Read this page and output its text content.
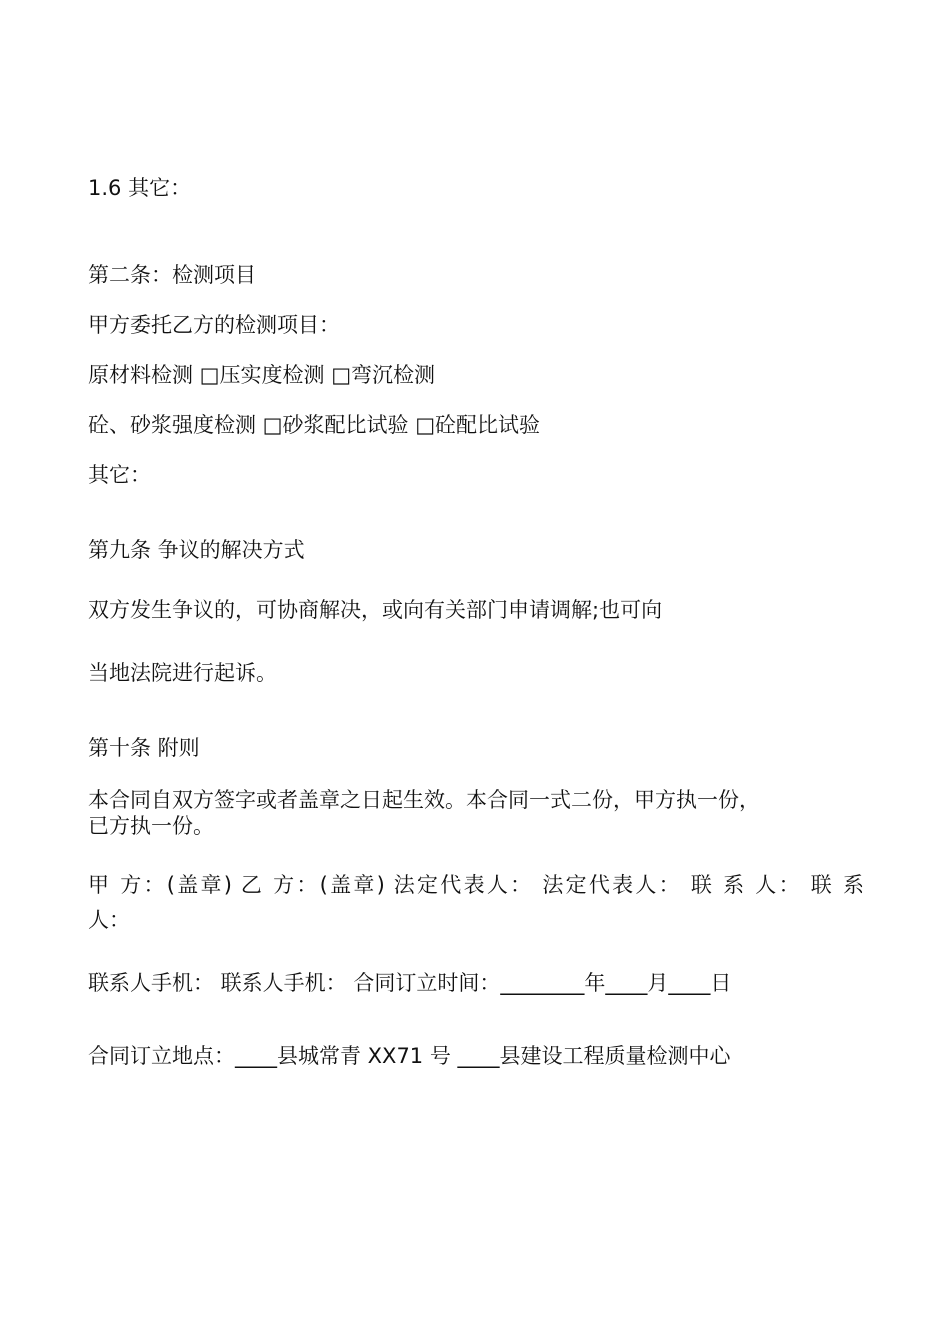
1.6 其它：

第二条：检测项目

甲方委托乙方的检测项目：

原材料检测 □压实度检测 □弯沉检测

砼、砂浆强度检测 □砂浆配比试验 □砼配比试验

其它：

第九条 争议的解决方式

双方发生争议的，可协商解决，或向有关部门申请调解;也可向

当地法院进行起诉。

第十条 附则

本合同自双方签字或者盖章之日起生效。本合同一式二份，甲方执一份，

已方执一份。

甲 方：(盖章) 乙 方：(盖章) 法定代表人： 法定代表人： 联 系 人： 联 系

人：

联系人手机： 联系人手机： 合同订立时间：________年____月____日

合同订立地点：____县城常青 XX71 号 ____县建设工程质量检测中心
